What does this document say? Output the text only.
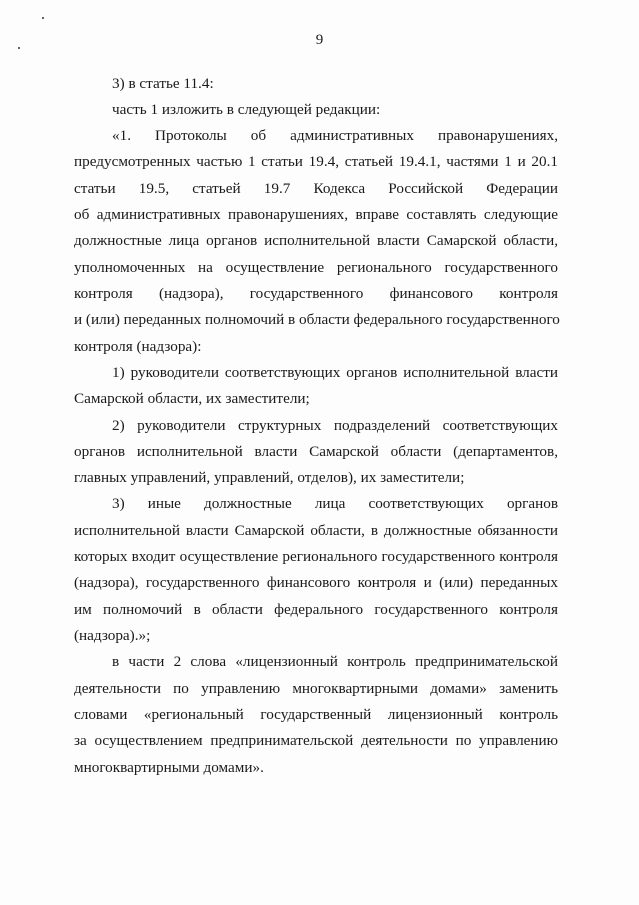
9
3) в статье 11.4:
часть 1 изложить в следующей редакции:
«1. Протоколы об административных правонарушениях,
предусмотренных частью 1 статьи 19.4, статьей 19.4.1, частями 1 и 20.1
статьи 19.5, статьей 19.7 Кодекса Российской Федерации
об административных правонарушениях, вправе составлять следующие
должностные лица органов исполнительной власти Самарской области,
уполномоченных на осуществление регионального государственного
контроля (надзора), государственного финансового контроля
и (или) переданных полномочий в области федерального государственного
контроля (надзора):
1) руководители соответствующих органов исполнительной власти
Самарской области, их заместители;
2) руководители структурных подразделений соответствующих
органов исполнительной власти Самарской области (департаментов,
главных управлений, управлений, отделов), их заместители;
3) иные должностные лица соответствующих органов
исполнительной власти Самарской области, в должностные обязанности
которых входит осуществление регионального государственного контроля
(надзора), государственного финансового контроля и (или) переданных
им полномочий в области федерального государственного контроля
(надзора).»;
в части 2 слова «лицензионный контроль предпринимательской
деятельности по управлению многоквартирными домами» заменить
словами «региональный государственный лицензионный контроль
за осуществлением предпринимательской деятельности по управлению
многоквартирными домами».
